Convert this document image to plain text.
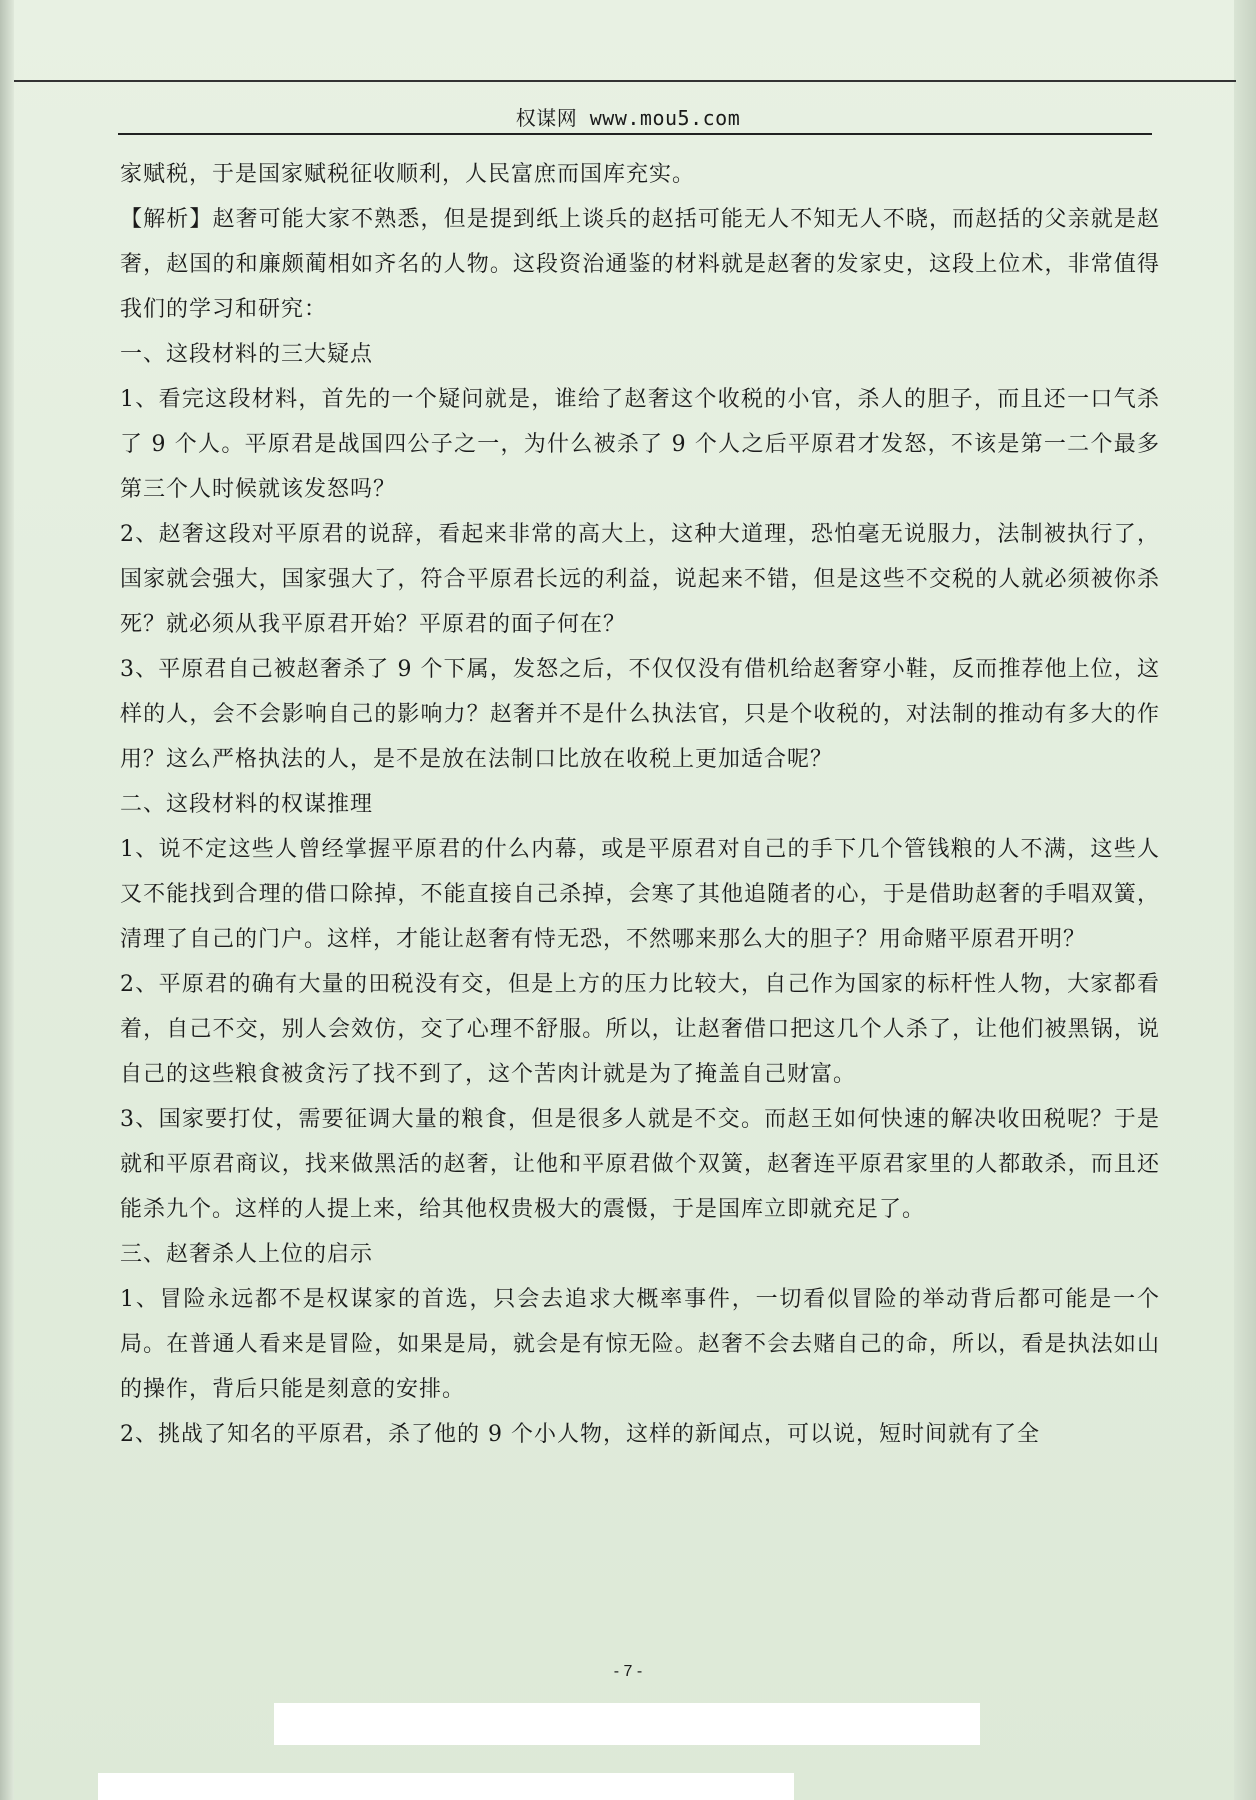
权谋网 www.mou5.com

家赋税，于是国家赋税征收顺利，人民富庶而国库充实。

【解析】赵奢可能大家不熟悉，但是提到纸上谈兵的赵括可能无人不知无人不晓，而赵括的父亲就是赵奢，赵国的和廉颇蔺相如齐名的人物。这段资治通鉴的材料就是赵奢的发家史，这段上位术，非常值得我们的学习和研究：

一、这段材料的三大疑点

1、看完这段材料，首先的一个疑问就是，谁给了赵奢这个收税的小官，杀人的胆子，而且还一口气杀了 9 个人。平原君是战国四公子之一，为什么被杀了 9 个人之后平原君才发怒，不该是第一二个最多第三个人时候就该发怒吗？

2、赵奢这段对平原君的说辞，看起来非常的高大上，这种大道理，恐怕毫无说服力，法制被执行了，国家就会强大，国家强大了，符合平原君长远的利益，说起来不错，但是这些不交税的人就必须被你杀死？就必须从我平原君开始？平原君的面子何在？

3、平原君自己被赵奢杀了 9 个下属，发怒之后，不仅仅没有借机给赵奢穿小鞋，反而推荐他上位，这样的人，会不会影响自己的影响力？赵奢并不是什么执法官，只是个收税的，对法制的推动有多大的作用？这么严格执法的人，是不是放在法制口比放在收税上更加适合呢？

二、这段材料的权谋推理

1、说不定这些人曾经掌握平原君的什么内幕，或是平原君对自己的手下几个管钱粮的人不满，这些人又不能找到合理的借口除掉，不能直接自己杀掉，会寒了其他追随者的心，于是借助赵奢的手唱双簧，清理了自己的门户。这样，才能让赵奢有恃无恐，不然哪来那么大的胆子？用命赌平原君开明？

2、平原君的确有大量的田税没有交，但是上方的压力比较大，自己作为国家的标杆性人物，大家都看着，自己不交，别人会效仿，交了心理不舒服。所以，让赵奢借口把这几个人杀了，让他们被黑锅，说自己的这些粮食被贪污了找不到了，这个苦肉计就是为了掩盖自己财富。

3、国家要打仗，需要征调大量的粮食，但是很多人就是不交。而赵王如何快速的解决收田税呢？于是就和平原君商议，找来做黑活的赵奢，让他和平原君做个双簧，赵奢连平原君家里的人都敢杀，而且还能杀九个。这样的人提上来，给其他权贵极大的震慑，于是国库立即就充足了。

三、赵奢杀人上位的启示

1、冒险永远都不是权谋家的首选，只会去追求大概率事件，一切看似冒险的举动背后都可能是一个局。在普通人看来是冒险，如果是局，就会是有惊无险。赵奢不会去赌自己的命，所以，看是执法如山的操作，背后只能是刻意的安排。

2、挑战了知名的平原君，杀了他的 9 个小人物，这样的新闻点，可以说，短时间就有了全

- 7 -
